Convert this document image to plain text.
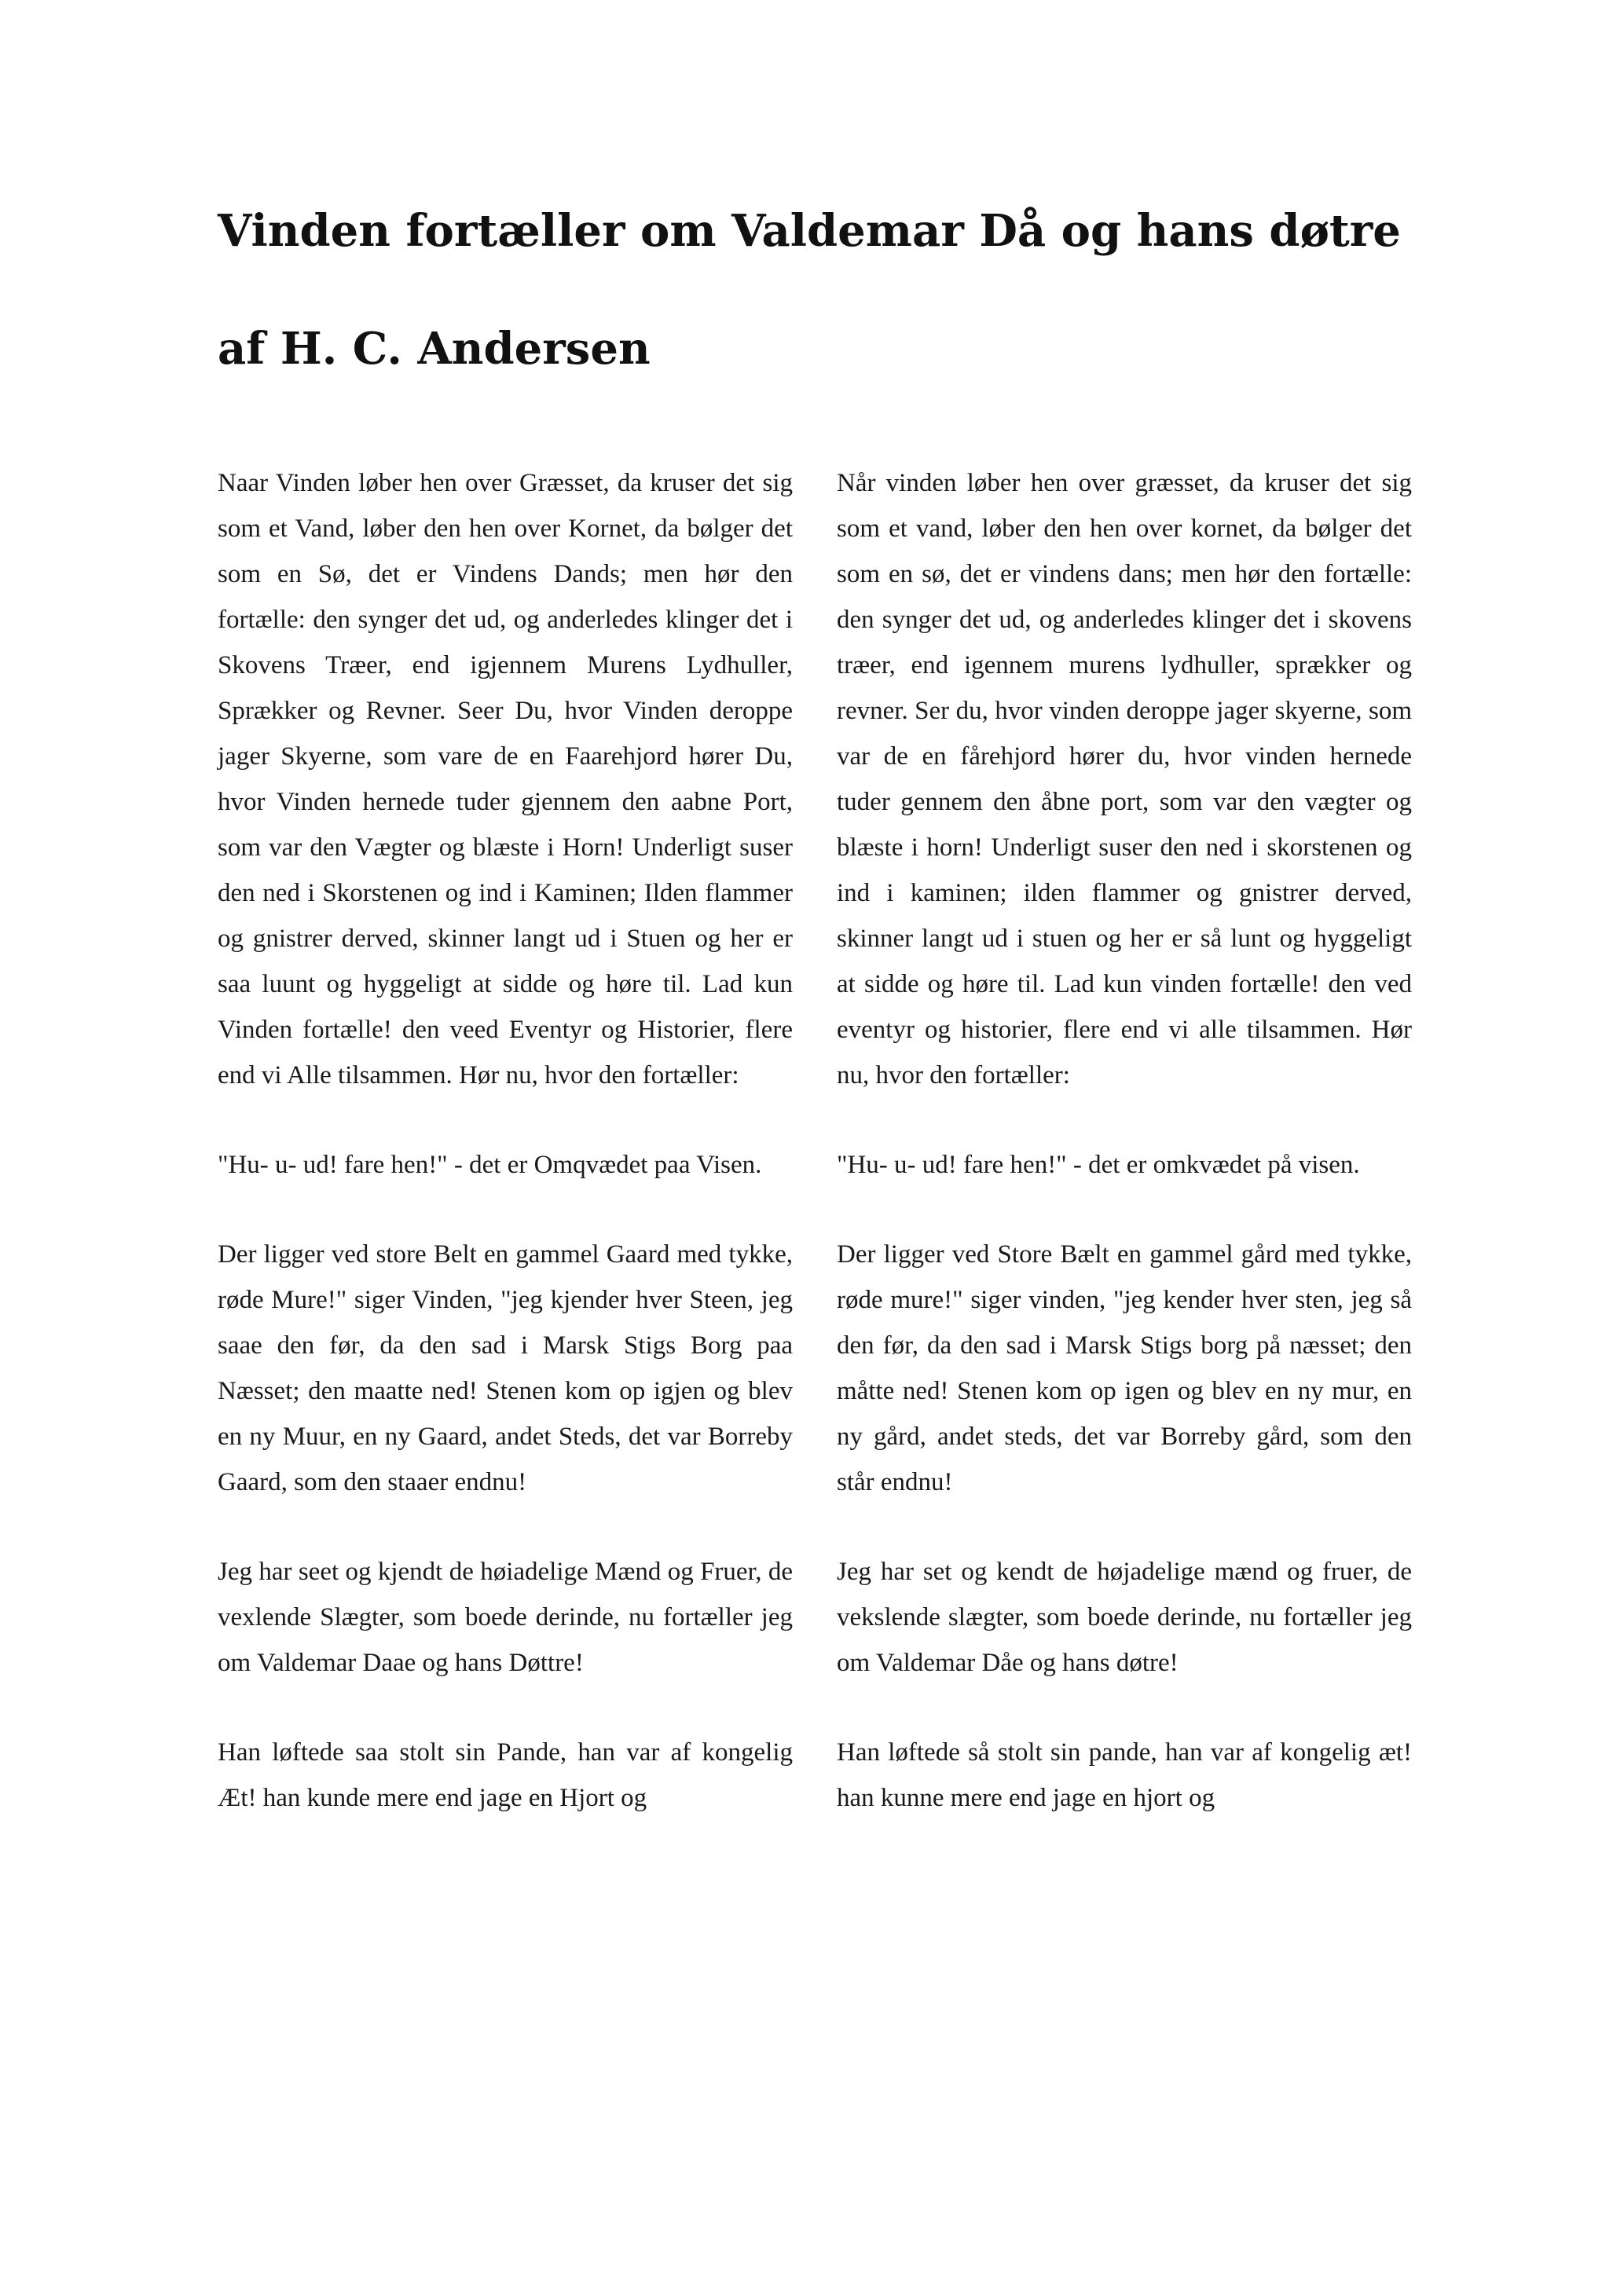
Vinden fortæller om Valdemar Då og hans døtre
af H. C. Andersen

Naar Vinden løber hen over Græsset, da kruser det sig som et Vand, løber den hen over Kornet, da bølger det som en Sø, det er Vindens Dands; men hør den fortælle: den synger det ud, og anderledes klinger det i Skovens Træer, end igjennem Murens Lydhuller, Sprækker og Revner. Seer Du, hvor Vinden deroppe jager Skyerne, som vare de en Faarehjord hører Du, hvor Vinden hernede tuder gjennem den aabne Port, som var den Vægter og blæste i Horn! Underligt suser den ned i Skorstenen og ind i Kaminen; Ilden flammer og gnistrer derved, skinner langt ud i Stuen og her er saa luunt og hyggeligt at sidde og høre til. Lad kun Vinden fortælle! den veed Eventyr og Historier, flere end vi Alle tilsammen. Hør nu, hvor den fortæller:

Når vinden løber hen over græsset, da kruser det sig som et vand, løber den hen over kornet, da bølger det som en sø, det er vindens dans; men hør den fortælle: den synger det ud, og anderledes klinger det i skovens træer, end igennem murens lydhuller, sprækker og revner. Ser du, hvor vinden deroppe jager skyerne, som var de en fårehjord hører du, hvor vinden hernede tuder gennem den åbne port, som var den vægter og blæste i horn! Underligt suser den ned i skorstenen og ind i kaminen; ilden flammer og gnistrer derved, skinner langt ud i stuen og her er så lunt og hyggeligt at sidde og høre til. Lad kun vinden fortælle! den ved eventyr og historier, flere end vi alle tilsammen. Hør nu, hvor den fortæller:

"Hu- u- ud! fare hen!" - det er Omqvædet paa Visen.	"Hu- u- ud! fare hen!" - det er omkvædet på visen.

Der ligger ved store Belt en gammel Gaard med tykke, røde Mure!" siger Vinden, "jeg kjender hver Steen, jeg saae den før, da den sad i Marsk Stigs Borg paa Næsset; den maatte ned! Stenen kom op igjen og blev en ny Muur, en ny Gaard, andet Steds, det var Borreby Gaard, som den staaer endnu!

Der ligger ved Store Bælt en gammel gård med tykke, røde mure!" siger vinden, "jeg kender hver sten, jeg så den før, da den sad i Marsk Stigs borg på næsset; den måtte ned! Stenen kom op igen og blev en ny mur, en ny gård, andet steds, det var Borreby gård, som den står endnu!

Jeg har seet og kjendt de høiadelige Mænd og Fruer, de vexlende Slægter, som boede derinde, nu fortæller jeg om Valdemar Daae og hans Døttre!

Jeg har set og kendt de højadelige mænd og fruer, de vekslende slægter, som boede derinde, nu fortæller jeg om Valdemar Dåe og hans døtre!

Han løftede saa stolt sin Pande, han var af kongelig Æt! han kunde mere end jage en Hjort og

Han løftede så stolt sin pande, han var af kongelig æt! han kunne mere end jage en hjort og
